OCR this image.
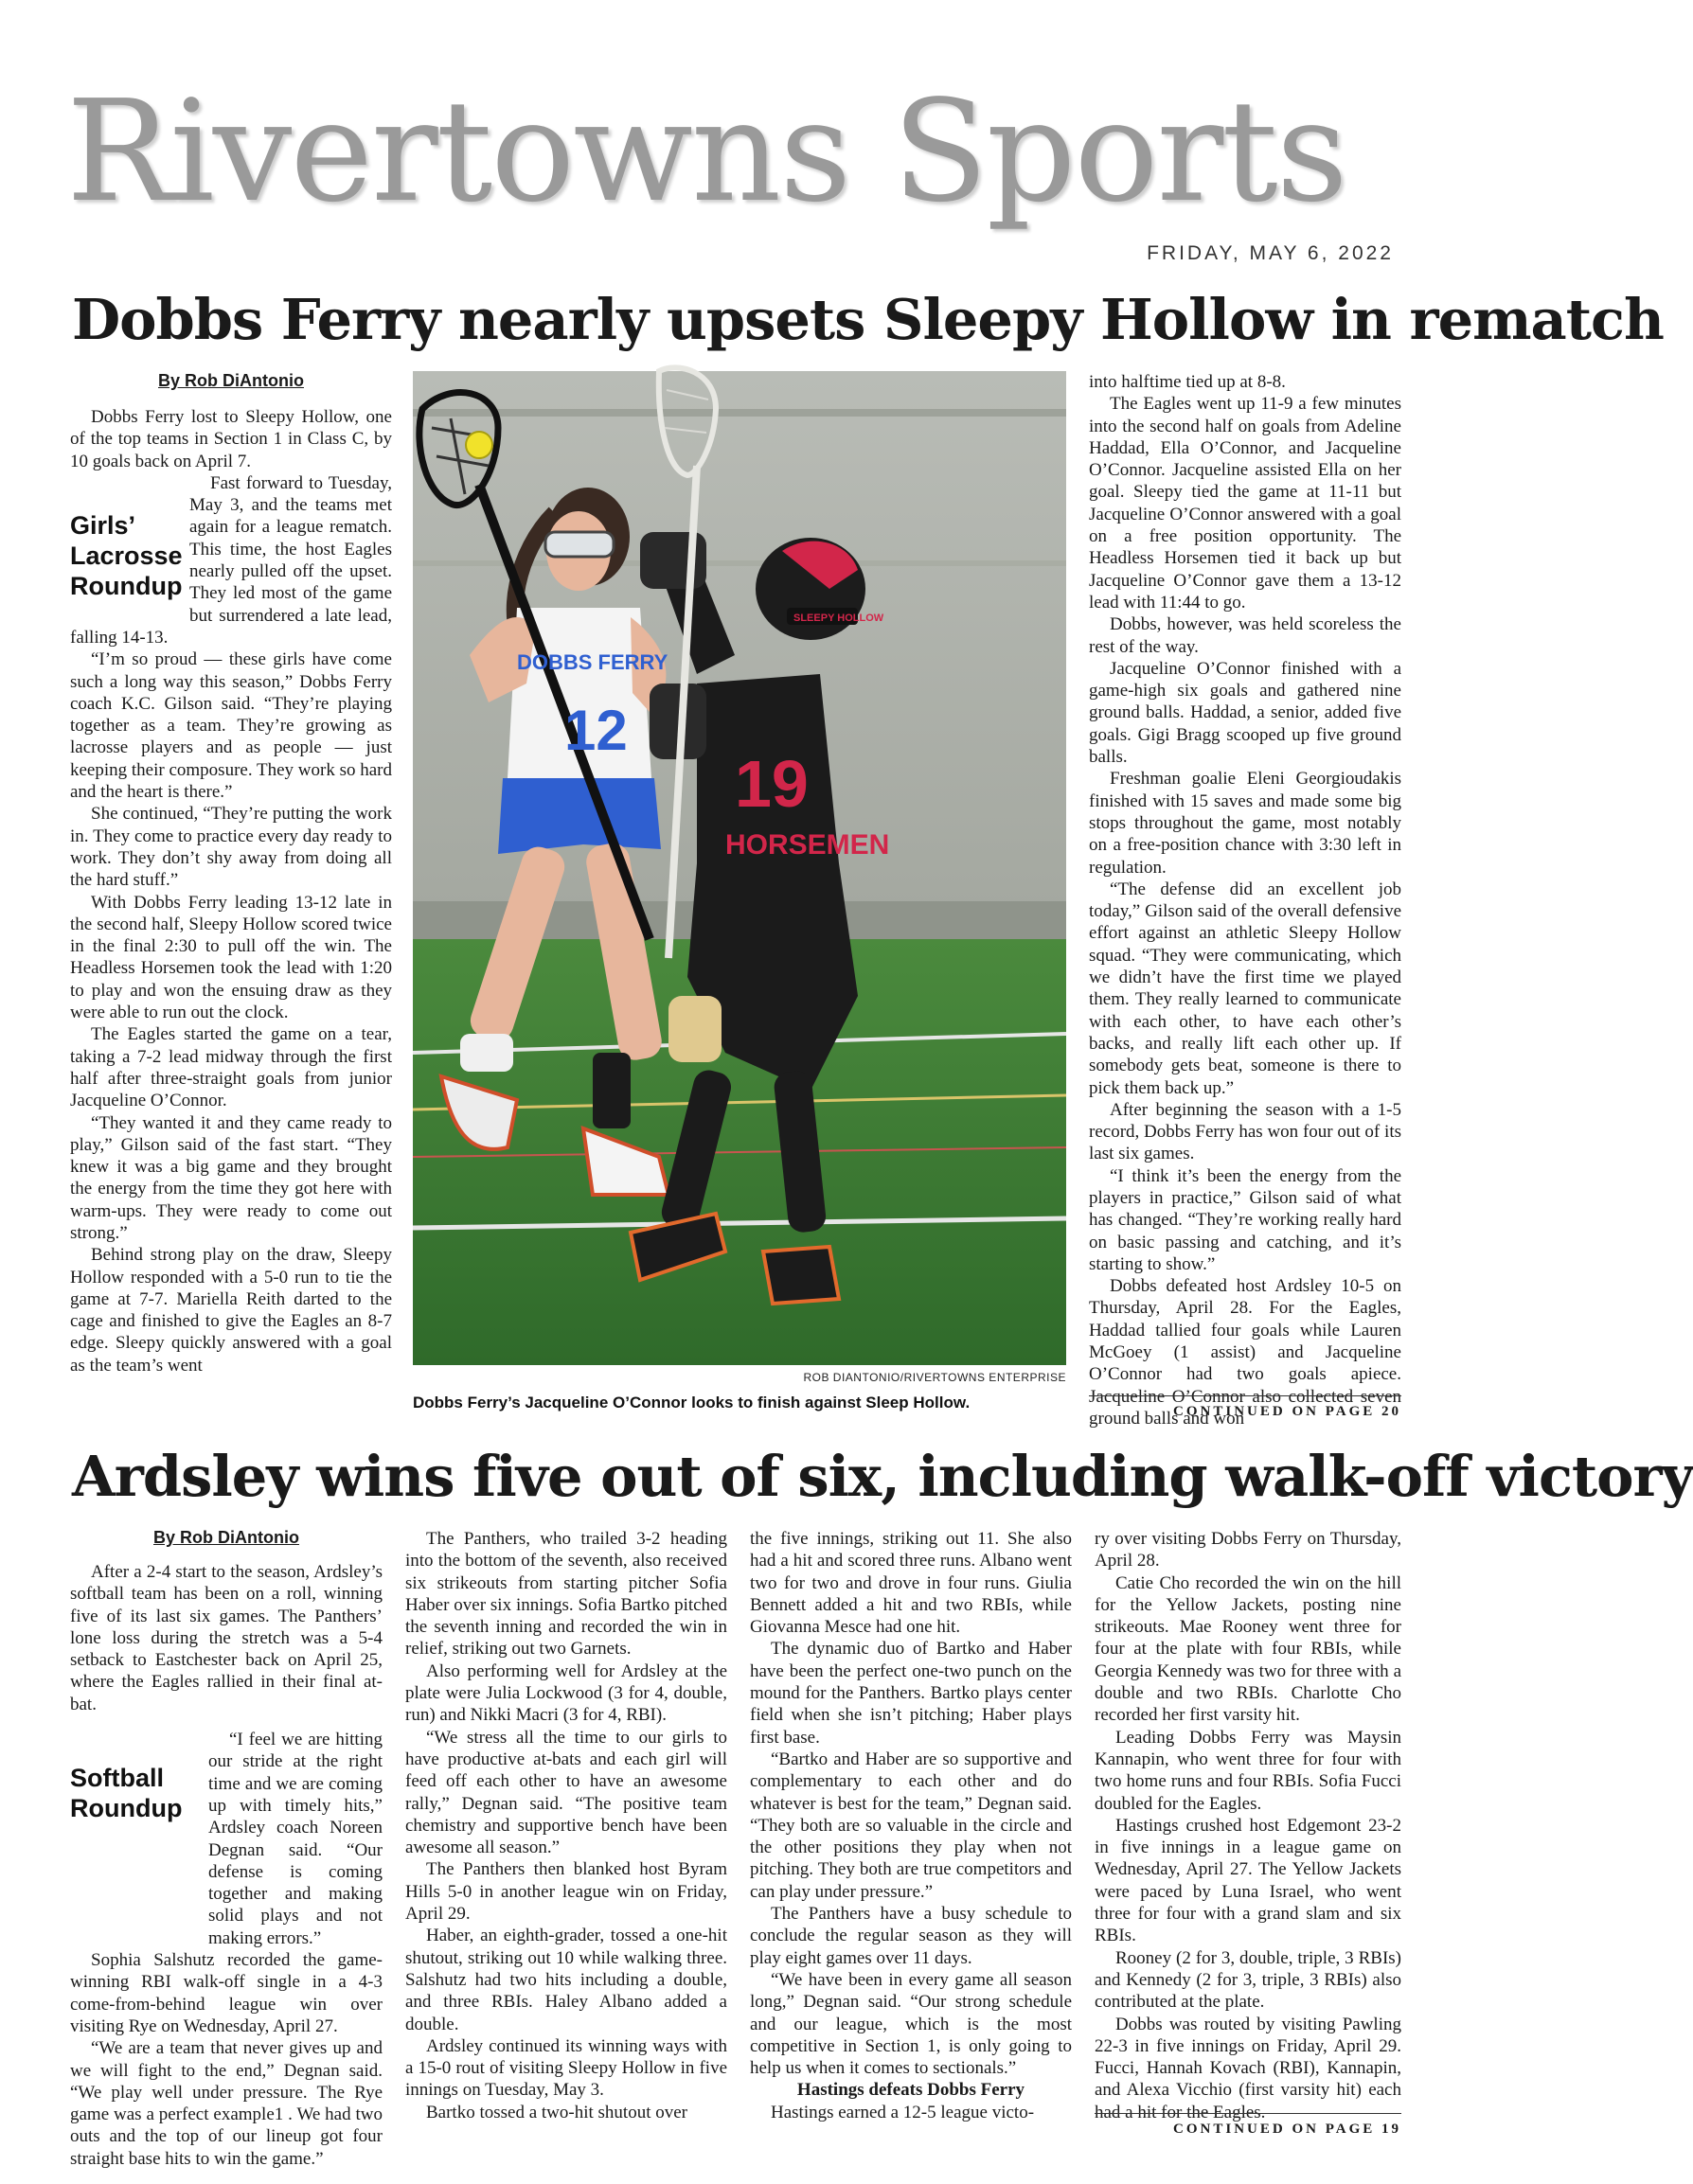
Rivertowns Sports
FRIDAY, MAY 6, 2022
Dobbs Ferry nearly upsets Sleepy Hollow in rematch
By Rob DiAntonio

Dobbs Ferry lost to Sleepy Hollow, one of the top teams in Section 1 in Class C, by 10 goals back on April 7.

Girls’ Lacrosse Roundup

Fast forward to Tuesday, May 3, and the teams met again for a league rematch. This time, the host Eagles nearly pulled off the upset. They led most of the game but surrendered a late lead, falling 14-13.

“I’m so proud — these girls have come such a long way this season,” Dobbs Ferry coach K.C. Gilson said. “They’re playing together as a team. They’re growing as lacrosse players and as people — just keeping their composure. They work so hard and the heart is there.”

She continued, “They’re putting the work in. They come to practice every day ready to work. They don’t shy away from doing all the hard stuff.”

With Dobbs Ferry leading 13-12 late in the second half, Sleepy Hollow scored twice in the final 2:30 to pull off the win. The Headless Horsemen took the lead with 1:20 to play and won the ensuing draw as they were able to run out the clock.

The Eagles started the game on a tear, taking a 7-2 lead midway through the first half after three-straight goals from junior Jacqueline O’Connor.

“They wanted it and they came ready to play,” Gilson said of the fast start. “They knew it was a big game and they brought the energy from the time they got here with warm-ups. They were ready to come out strong.”

Behind strong play on the draw, Sleepy Hollow responded with a 5-0 run to tie the game at 7-7. Mariella Reith darted to the cage and finished to give the Eagles an 8-7 edge. Sleepy quickly answered with a goal as the team’s went

DOBBS FERRY
12
19
HORSEMEN
SLEEPY HOLLOW
ROB DIANTONIO/RIVERTOWNS ENTERPRISE
Dobbs Ferry’s Jacqueline O’Connor looks to finish against Sleep Hollow.

into halftime tied up at 8-8.

The Eagles went up 11-9 a few minutes into the second half on goals from Adeline Haddad, Ella O’Connor, and Jacqueline O’Connor. Jacqueline assisted Ella on her goal. Sleepy tied the game at 11-11 but Jacqueline O’Connor answered with a goal on a free position opportunity. The Headless Horsemen tied it back up but Jacqueline O’Connor gave them a 13-12 lead with 11:44 to go.

Dobbs, however, was held scoreless the rest of the way.

Jacqueline O’Connor finished with a game-high six goals and gathered nine ground balls. Haddad, a senior, added five goals. Gigi Bragg scooped up five ground balls.

Freshman goalie Eleni Georgioudakis finished with 15 saves and made some big stops throughout the game, most notably on a free-position chance with 3:30 left in regulation.

“The defense did an excellent job today,” Gilson said of the overall defensive effort against an athletic Sleepy Hollow squad. “They were communicating, which we didn’t have the first time we played them. They really learned to communicate with each other, to have each other’s backs, and really lift each other up. If somebody gets beat, someone is there to pick them back up.”

After beginning the season with a 1-5 record, Dobbs Ferry has won four out of its last six games.

“I think it’s been the energy from the players in practice,” Gilson said of what has changed. “They’re working really hard on basic passing and catching, and it’s starting to show.”

Dobbs defeated host Ardsley 10-5 on Thursday, April 28. For the Eagles, Haddad tallied four goals while Lauren McGoey (1 assist) and Jacqueline O’Connor had two goals apiece. Jacqueline O’Connor also collected seven ground balls and won

CONTINUED ON PAGE 20
Ardsley wins five out of six, including walk-off victory
By Rob DiAntonio

After a 2-4 start to the season, Ardsley’s softball team has been on a roll, winning five of its last six games. The Panthers’ lone loss during the stretch was a 5-4 setback to Eastchester back on April 25, where the Eagles rallied in their final at-bat.

Softball Roundup

“I feel we are hitting our stride at the right time and we are coming up with timely hits,” Ardsley coach Noreen Degnan said. “Our defense is coming together and making solid plays and not making errors.”

Sophia Salshutz recorded the game-winning RBI walk-off single in a 4-3 come-from-behind league win over visiting Rye on Wednesday, April 27.

“We are a team that never gives up and we will fight to the end,” Degnan said. “We play well under pressure. The Rye game was a perfect example1 . We had two outs and the top of our lineup got four straight base hits to win the game.”

The Panthers, who trailed 3-2 heading into the bottom of the seventh, also received six strikeouts from starting pitcher Sofia Haber over six innings. Sofia Bartko pitched the seventh inning and recorded the win in relief, striking out two Garnets.

Also performing well for Ardsley at the plate were Julia Lockwood (3 for 4, double, run) and Nikki Macri (3 for 4, RBI).

“We stress all the time to our girls to have productive at-bats and each girl will feed off each other to have an awesome rally,” Degnan said. “The positive team chemistry and supportive bench have been awesome all season.”

The Panthers then blanked host Byram Hills 5-0 in another league win on Friday, April 29.

Haber, an eighth-grader, tossed a one-hit shutout, striking out 10 while walking three. Salshutz had two hits including a double, and three RBIs. Haley Albano added a double.

Ardsley continued its winning ways with a 15-0 rout of visiting Sleepy Hollow in five innings on Tuesday, May 3.

Bartko tossed a two-hit shutout over

the five innings, striking out 11. She also had a hit and scored three runs. Albano went two for two and drove in four runs. Giulia Bennett added a hit and two RBIs, while Giovanna Mesce had one hit.

The dynamic duo of Bartko and Haber have been the perfect one-two punch on the mound for the Panthers. Bartko plays center field when she isn’t pitching; Haber plays first base.

“Bartko and Haber are so supportive and complementary to each other and do whatever is best for the team,” Degnan said. “They both are so valuable in the circle and the other positions they play when not pitching. They both are true competitors and can play under pressure.”

The Panthers have a busy schedule to conclude the regular season as they will play eight games over 11 days.

“We have been in every game all season long,” Degnan said. “Our strong schedule and our league, which is the most competitive in Section 1, is only going to help us when it comes to sectionals.”

Hastings defeats Dobbs Ferry

Hastings earned a 12-5 league victo-

ry over visiting Dobbs Ferry on Thursday, April 28.

Catie Cho recorded the win on the hill for the Yellow Jackets, posting nine strikeouts. Mae Rooney went three for four at the plate with four RBIs, while Georgia Kennedy was two for three with a double and two RBIs. Charlotte Cho recorded her first varsity hit.

Leading Dobbs Ferry was Maysin Kannapin, who went three for four with two home runs and four RBIs. Sofia Fucci doubled for the Eagles.

Hastings crushed host Edgemont 23-2 in five innings in a league game on Wednesday, April 27. The Yellow Jackets were paced by Luna Israel, who went three for four with a grand slam and six RBIs.

Rooney (2 for 3, double, triple, 3 RBIs) and Kennedy (2 for 3, triple, 3 RBIs) also contributed at the plate.

Dobbs was routed by visiting Pawling 22-3 in five innings on Friday, April 29. Fucci, Hannah Kovach (RBI), Kannapin, and Alexa Vicchio (first varsity hit) each had a hit for the Eagles.

CONTINUED ON PAGE 19
